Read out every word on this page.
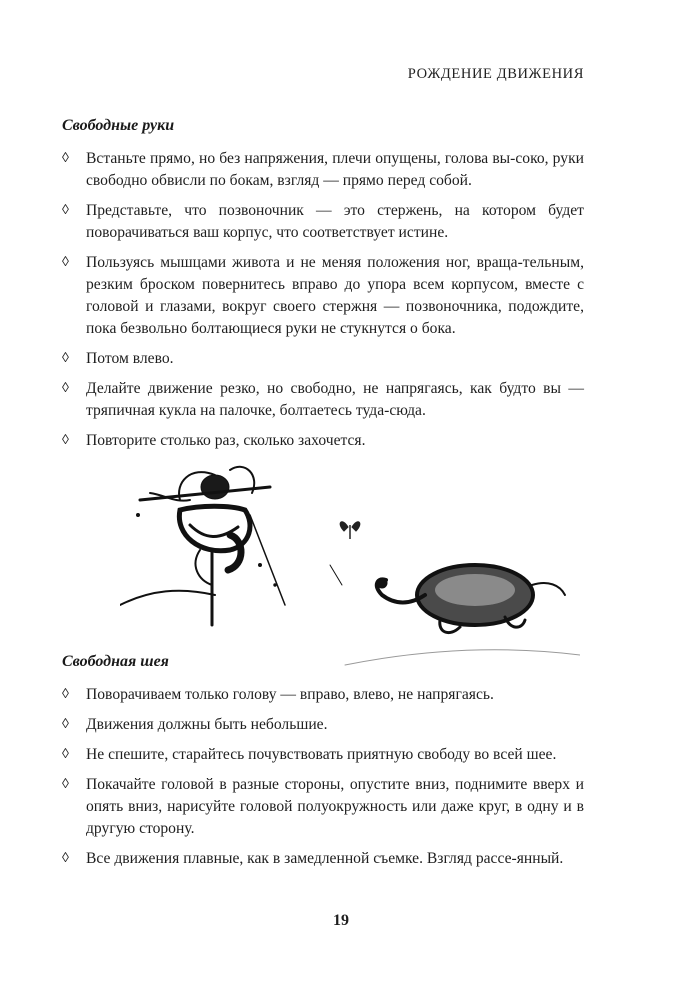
РОЖДЕНИЕ ДВИЖЕНИЯ
Свободные руки
◊ Встаньте прямо, но без напряжения, плечи опущены, голова вы-соко, руки свободно обвисли по бокам, взгляд — прямо перед собой.
◊ Представьте, что позвоночник — это стержень, на котором будет поворачиваться ваш корпус, что соответствует истине.
◊ Пользуясь мышцами живота и не меняя положения ног, враща-тельным, резким броском повернитесь вправо до упора всем корпусом, вместе с головой и глазами, вокруг своего стержня — позвоночника, подождите, пока безвольно болтающиеся руки не стукнутся о бока.
◊ Потом влево.
◊ Делайте движение резко, но свободно, не напрягаясь, как будто вы — тряпичная кукла на палочке, болтаетесь туда-сюда.
◊ Повторите столько раз, сколько захочется.
Свободная шея
◊ Поворачиваем только голову — вправо, влево, не напрягаясь.
◊ Движения должны быть небольшие.
◊ Не спешите, старайтесь почувствовать приятную свободу во всей шее.
◊ Покачайте головой в разные стороны, опустите вниз, поднимите вверх и опять вниз, нарисуйте головой полуокружность или даже круг, в одну и в другую сторону.
◊ Все движения плавные, как в замедленной съемке. Взгляд рассе-янный.
19
